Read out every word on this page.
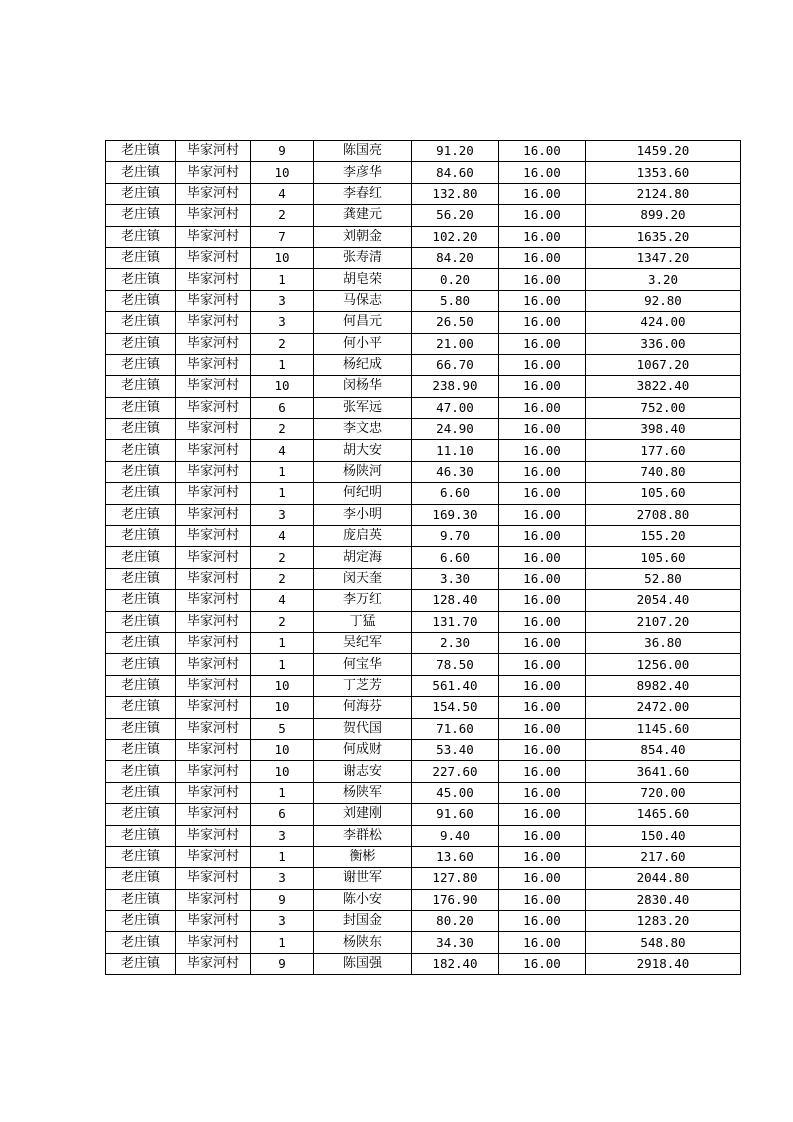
老庄镇	毕家河村	9	陈国亮	91.20	16.00	1459.20
老庄镇	毕家河村	10	李彦华	84.60	16.00	1353.60
老庄镇	毕家河村	4	李春红	132.80	16.00	2124.80
老庄镇	毕家河村	2	龚建元	56.20	16.00	899.20
老庄镇	毕家河村	7	刘朝金	102.20	16.00	1635.20
老庄镇	毕家河村	10	张寿清	84.20	16.00	1347.20
老庄镇	毕家河村	1	胡皂荣	0.20	16.00	3.20
老庄镇	毕家河村	3	马保志	5.80	16.00	92.80
老庄镇	毕家河村	3	何昌元	26.50	16.00	424.00
老庄镇	毕家河村	2	何小平	21.00	16.00	336.00
老庄镇	毕家河村	1	杨纪成	66.70	16.00	1067.20
老庄镇	毕家河村	10	闵杨华	238.90	16.00	3822.40
老庄镇	毕家河村	6	张军远	47.00	16.00	752.00
老庄镇	毕家河村	2	李文忠	24.90	16.00	398.40
老庄镇	毕家河村	4	胡大安	11.10	16.00	177.60
老庄镇	毕家河村	1	杨陕河	46.30	16.00	740.80
老庄镇	毕家河村	1	何纪明	6.60	16.00	105.60
老庄镇	毕家河村	3	李小明	169.30	16.00	2708.80
老庄镇	毕家河村	4	庞启英	9.70	16.00	155.20
老庄镇	毕家河村	2	胡定海	6.60	16.00	105.60
老庄镇	毕家河村	2	闵天奎	3.30	16.00	52.80
老庄镇	毕家河村	4	李万红	128.40	16.00	2054.40
老庄镇	毕家河村	2	丁猛	131.70	16.00	2107.20
老庄镇	毕家河村	1	吴纪军	2.30	16.00	36.80
老庄镇	毕家河村	1	何宝华	78.50	16.00	1256.00
老庄镇	毕家河村	10	丁芝芳	561.40	16.00	8982.40
老庄镇	毕家河村	10	何海芬	154.50	16.00	2472.00
老庄镇	毕家河村	5	贺代国	71.60	16.00	1145.60
老庄镇	毕家河村	10	何成财	53.40	16.00	854.40
老庄镇	毕家河村	10	谢志安	227.60	16.00	3641.60
老庄镇	毕家河村	1	杨陕军	45.00	16.00	720.00
老庄镇	毕家河村	6	刘建刚	91.60	16.00	1465.60
老庄镇	毕家河村	3	李群松	9.40	16.00	150.40
老庄镇	毕家河村	1	衡彬	13.60	16.00	217.60
老庄镇	毕家河村	3	谢世军	127.80	16.00	2044.80
老庄镇	毕家河村	9	陈小安	176.90	16.00	2830.40
老庄镇	毕家河村	3	封国金	80.20	16.00	1283.20
老庄镇	毕家河村	1	杨陕东	34.30	16.00	548.80
老庄镇	毕家河村	9	陈国强	182.40	16.00	2918.40
